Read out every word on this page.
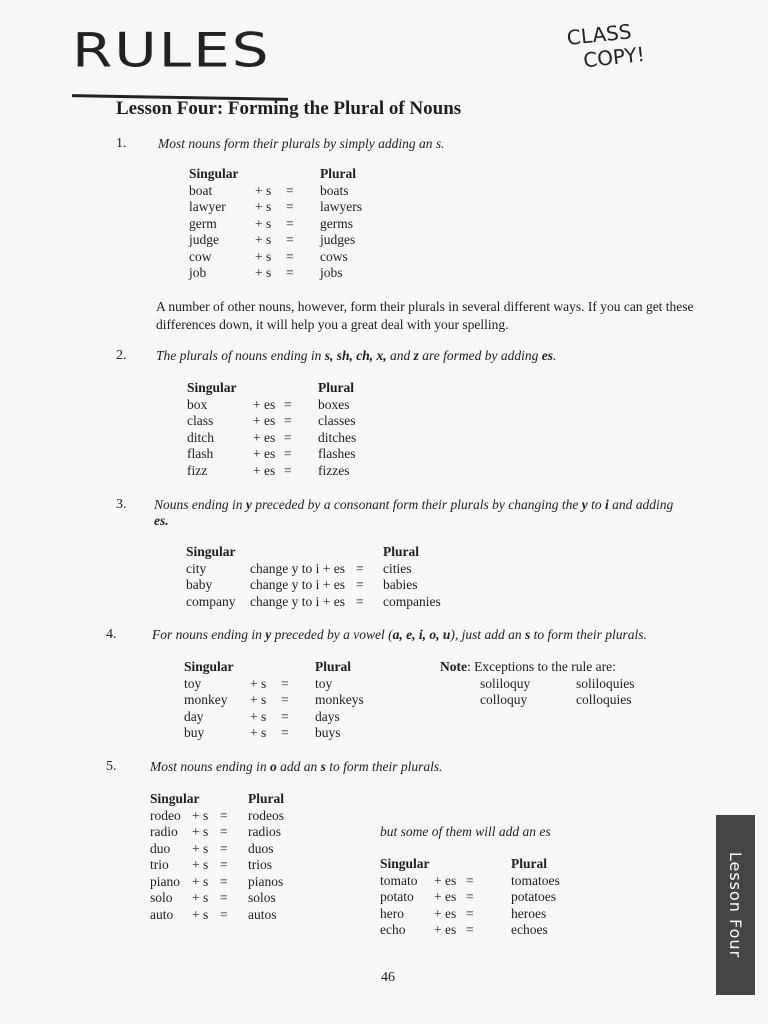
RULES	CLASS
COPY!
Lesson Four: Forming the Plural of Nouns
1. Most nouns form their plurals by simply adding an s.
Singular	Plural
boat	+ s = boats
lawyer + s = lawyers
germ	+ s = germs
judge	+ s = judges
cow	+ s = cows
job	+ s = jobs
A number of other nouns, however, form their plurals in several different ways. If you can get these
differences down, it will help you a great deal with your spelling.
2. The plurals of nouns ending in s, sh, ch, x, and z are formed by adding es.
Singular	Plural
box	+ es = boxes
class	+ es = classes
ditch	+ es = ditches
flash	+ es = flashes
fizz	+ es = fizzes
3. Nouns ending in y preceded by a consonant form their plurals by changing the y to i and adding
es.
Singular	Plural
city	change y to i + es = cities
baby	change y to i + es = babies
company change y to i + es = companies
4.	For nouns ending in y preceded by a vowel (a, e, i, o, u), just add an s to form their plurals.
Singular	Plural
toy	+ s = toy
monkey + s = monkeys
day	+ s = days
buy	+ s = buys
Note: Exceptions to the rule are:
soliloquy	soliloquies
colloquy	colloquies
5. Most nouns ending in o add an s to form their plurals.
Singular	Plural
rodeo + s = rodeos
radio + s = radios
duo + s = duos
trio + s = trios
piano + s = pianos
solo + s = solos
auto + s = autos
but some of them will add an es
Singular	Plural
tomato + es =	tomatoes
potato + es =	potatoes
hero + es =	heroes
echo + es =	echoes	Lesson Four
46
